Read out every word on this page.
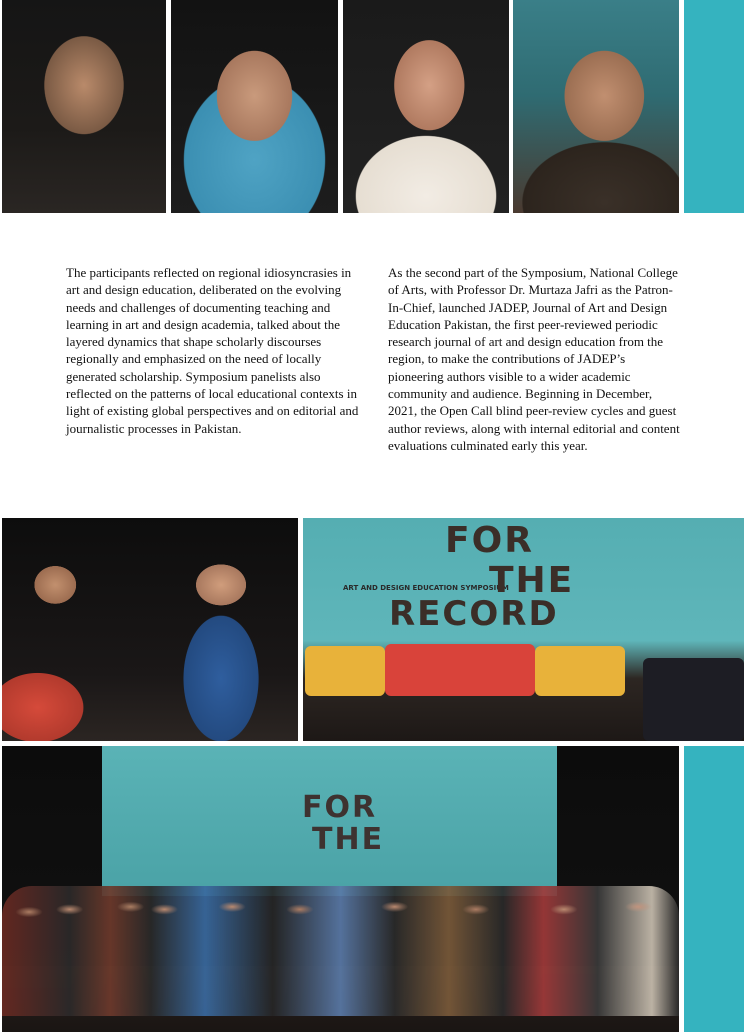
The participants reflected on regional idiosyncrasies in art and design education, deliberated on the evolving needs and challenges of documenting teaching and learning in art and design academia, talked about the layered dynamics that shape scholarly discourses regionally and emphasized on the need of locally generated scholarship. Symposium panelists also reflected on the patterns of local educational contexts in light of existing global perspectives and on editorial and journalistic processes in Pakistan.

As the second part of the Symposium, National College of Arts, with Professor Dr. Murtaza Jafri as the Patron-In-Chief, launched JADEP, Journal of Art and Design Education Pakistan, the first peer-reviewed periodic research journal of art and design education from the region, to make the contributions of JADEP’s pioneering authors visible to a wider academic community and audience. Beginning in December, 2021, the Open Call blind peer-review cycles and guest author reviews, along with internal editorial and content evaluations culminated early this year.

FOR
ART AND DESIGN EDUCATION SYMPOSIUM
THE
RECORD
FOR
THE
